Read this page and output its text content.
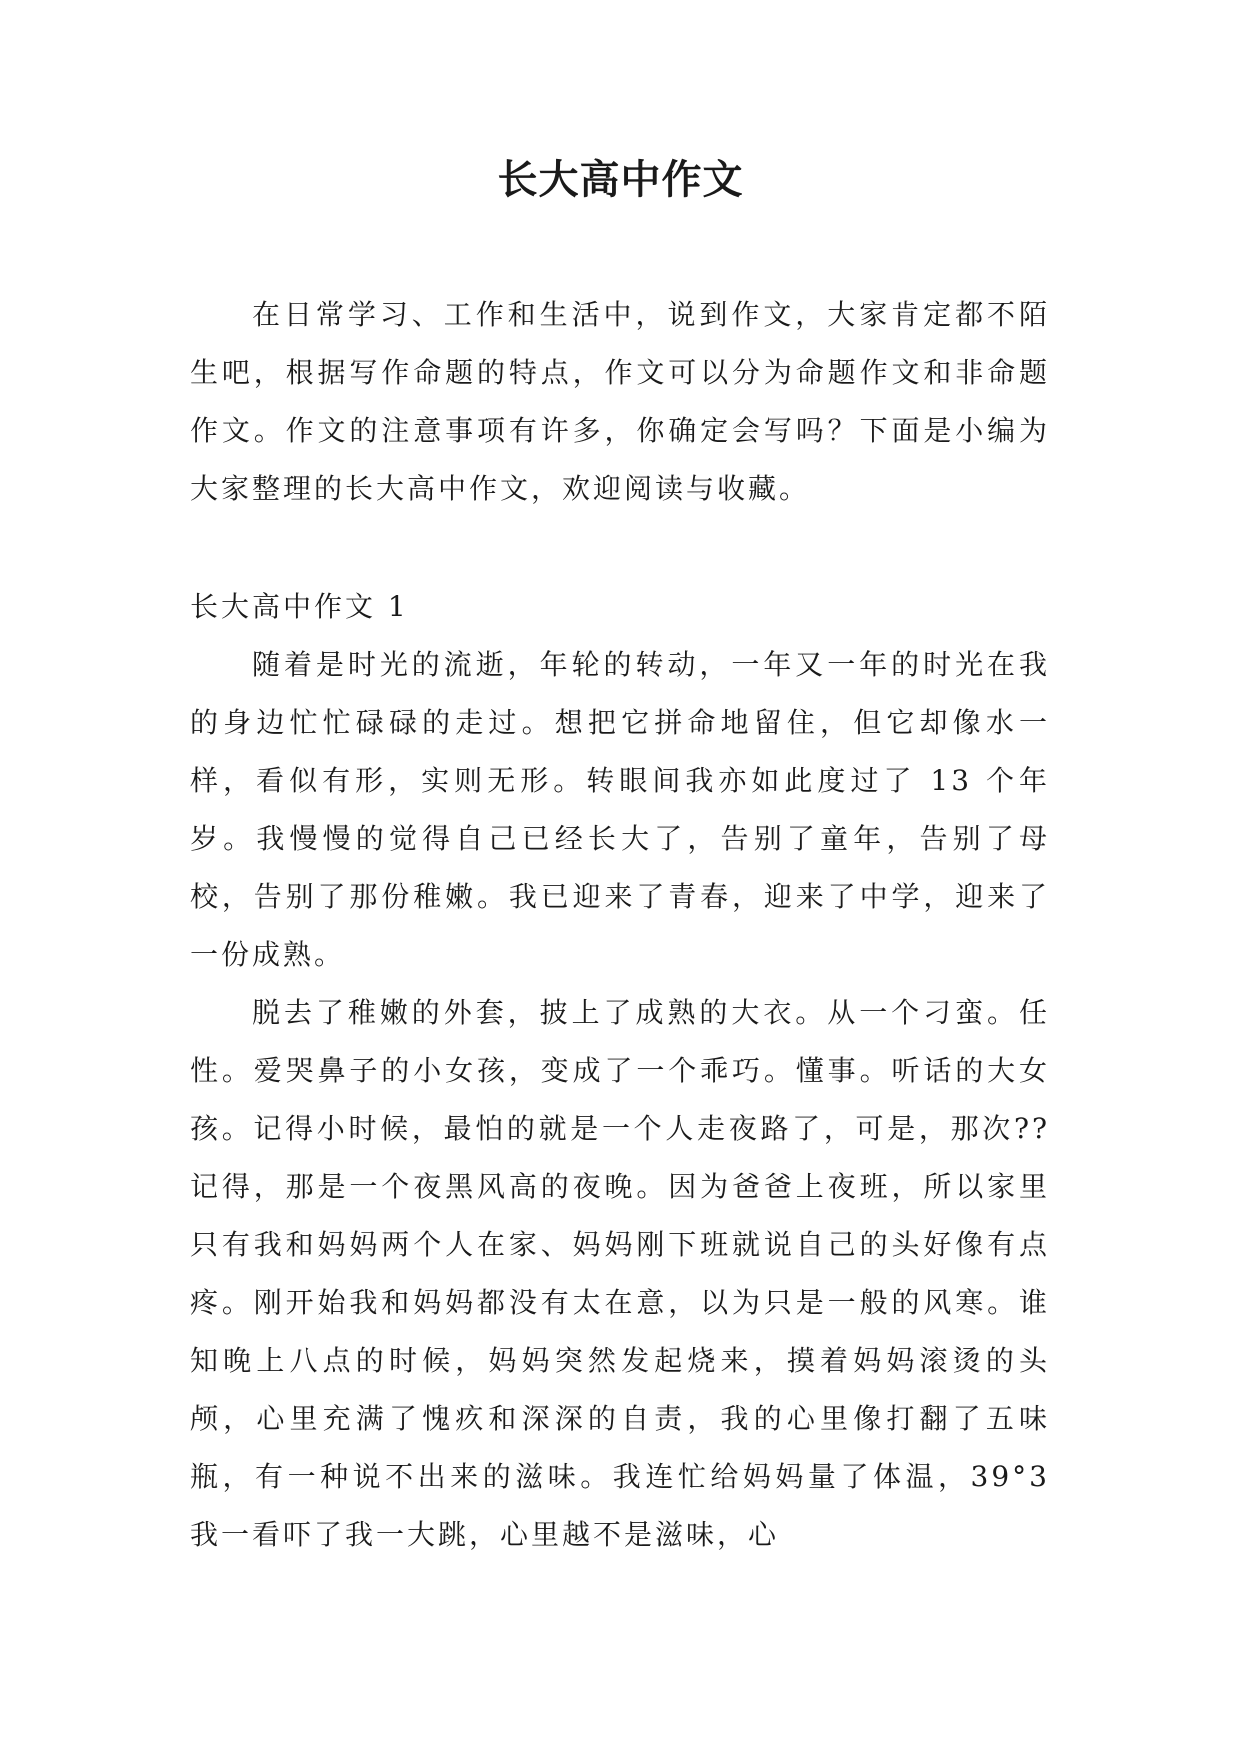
长大高中作文

在日常学习、工作和生活中，说到作文，大家肯定都不陌生吧，根据写作命题的特点，作文可以分为命题作文和非命题作文。作文的注意事项有许多，你确定会写吗？下面是小编为大家整理的长大高中作文，欢迎阅读与收藏。

长大高中作文 1

随着是时光的流逝，年轮的转动，一年又一年的时光在我的身边忙忙碌碌的走过。想把它拼命地留住，但它却像水一样，看似有形，实则无形。转眼间我亦如此度过了 13 个年岁。我慢慢的觉得自己已经长大了，告别了童年，告别了母校，告别了那份稚嫩。我已迎来了青春，迎来了中学，迎来了一份成熟。

脱去了稚嫩的外套，披上了成熟的大衣。从一个刁蛮。任性。爱哭鼻子的小女孩，变成了一个乖巧。懂事。听话的大女孩。记得小时候，最怕的就是一个人走夜路了，可是，那次??记得，那是一个夜黑风高的夜晚。因为爸爸上夜班，所以家里只有我和妈妈两个人在家、妈妈刚下班就说自己的头好像有点疼。刚开始我和妈妈都没有太在意，以为只是一般的风寒。谁知晚上八点的时候，妈妈突然发起烧来，摸着妈妈滚烫的头颅，心里充满了愧疚和深深的自责，我的心里像打翻了五味瓶，有一种说不出来的滋味。我连忙给妈妈量了体温，39°3 我一看吓了我一大跳，心里越不是滋味，心
